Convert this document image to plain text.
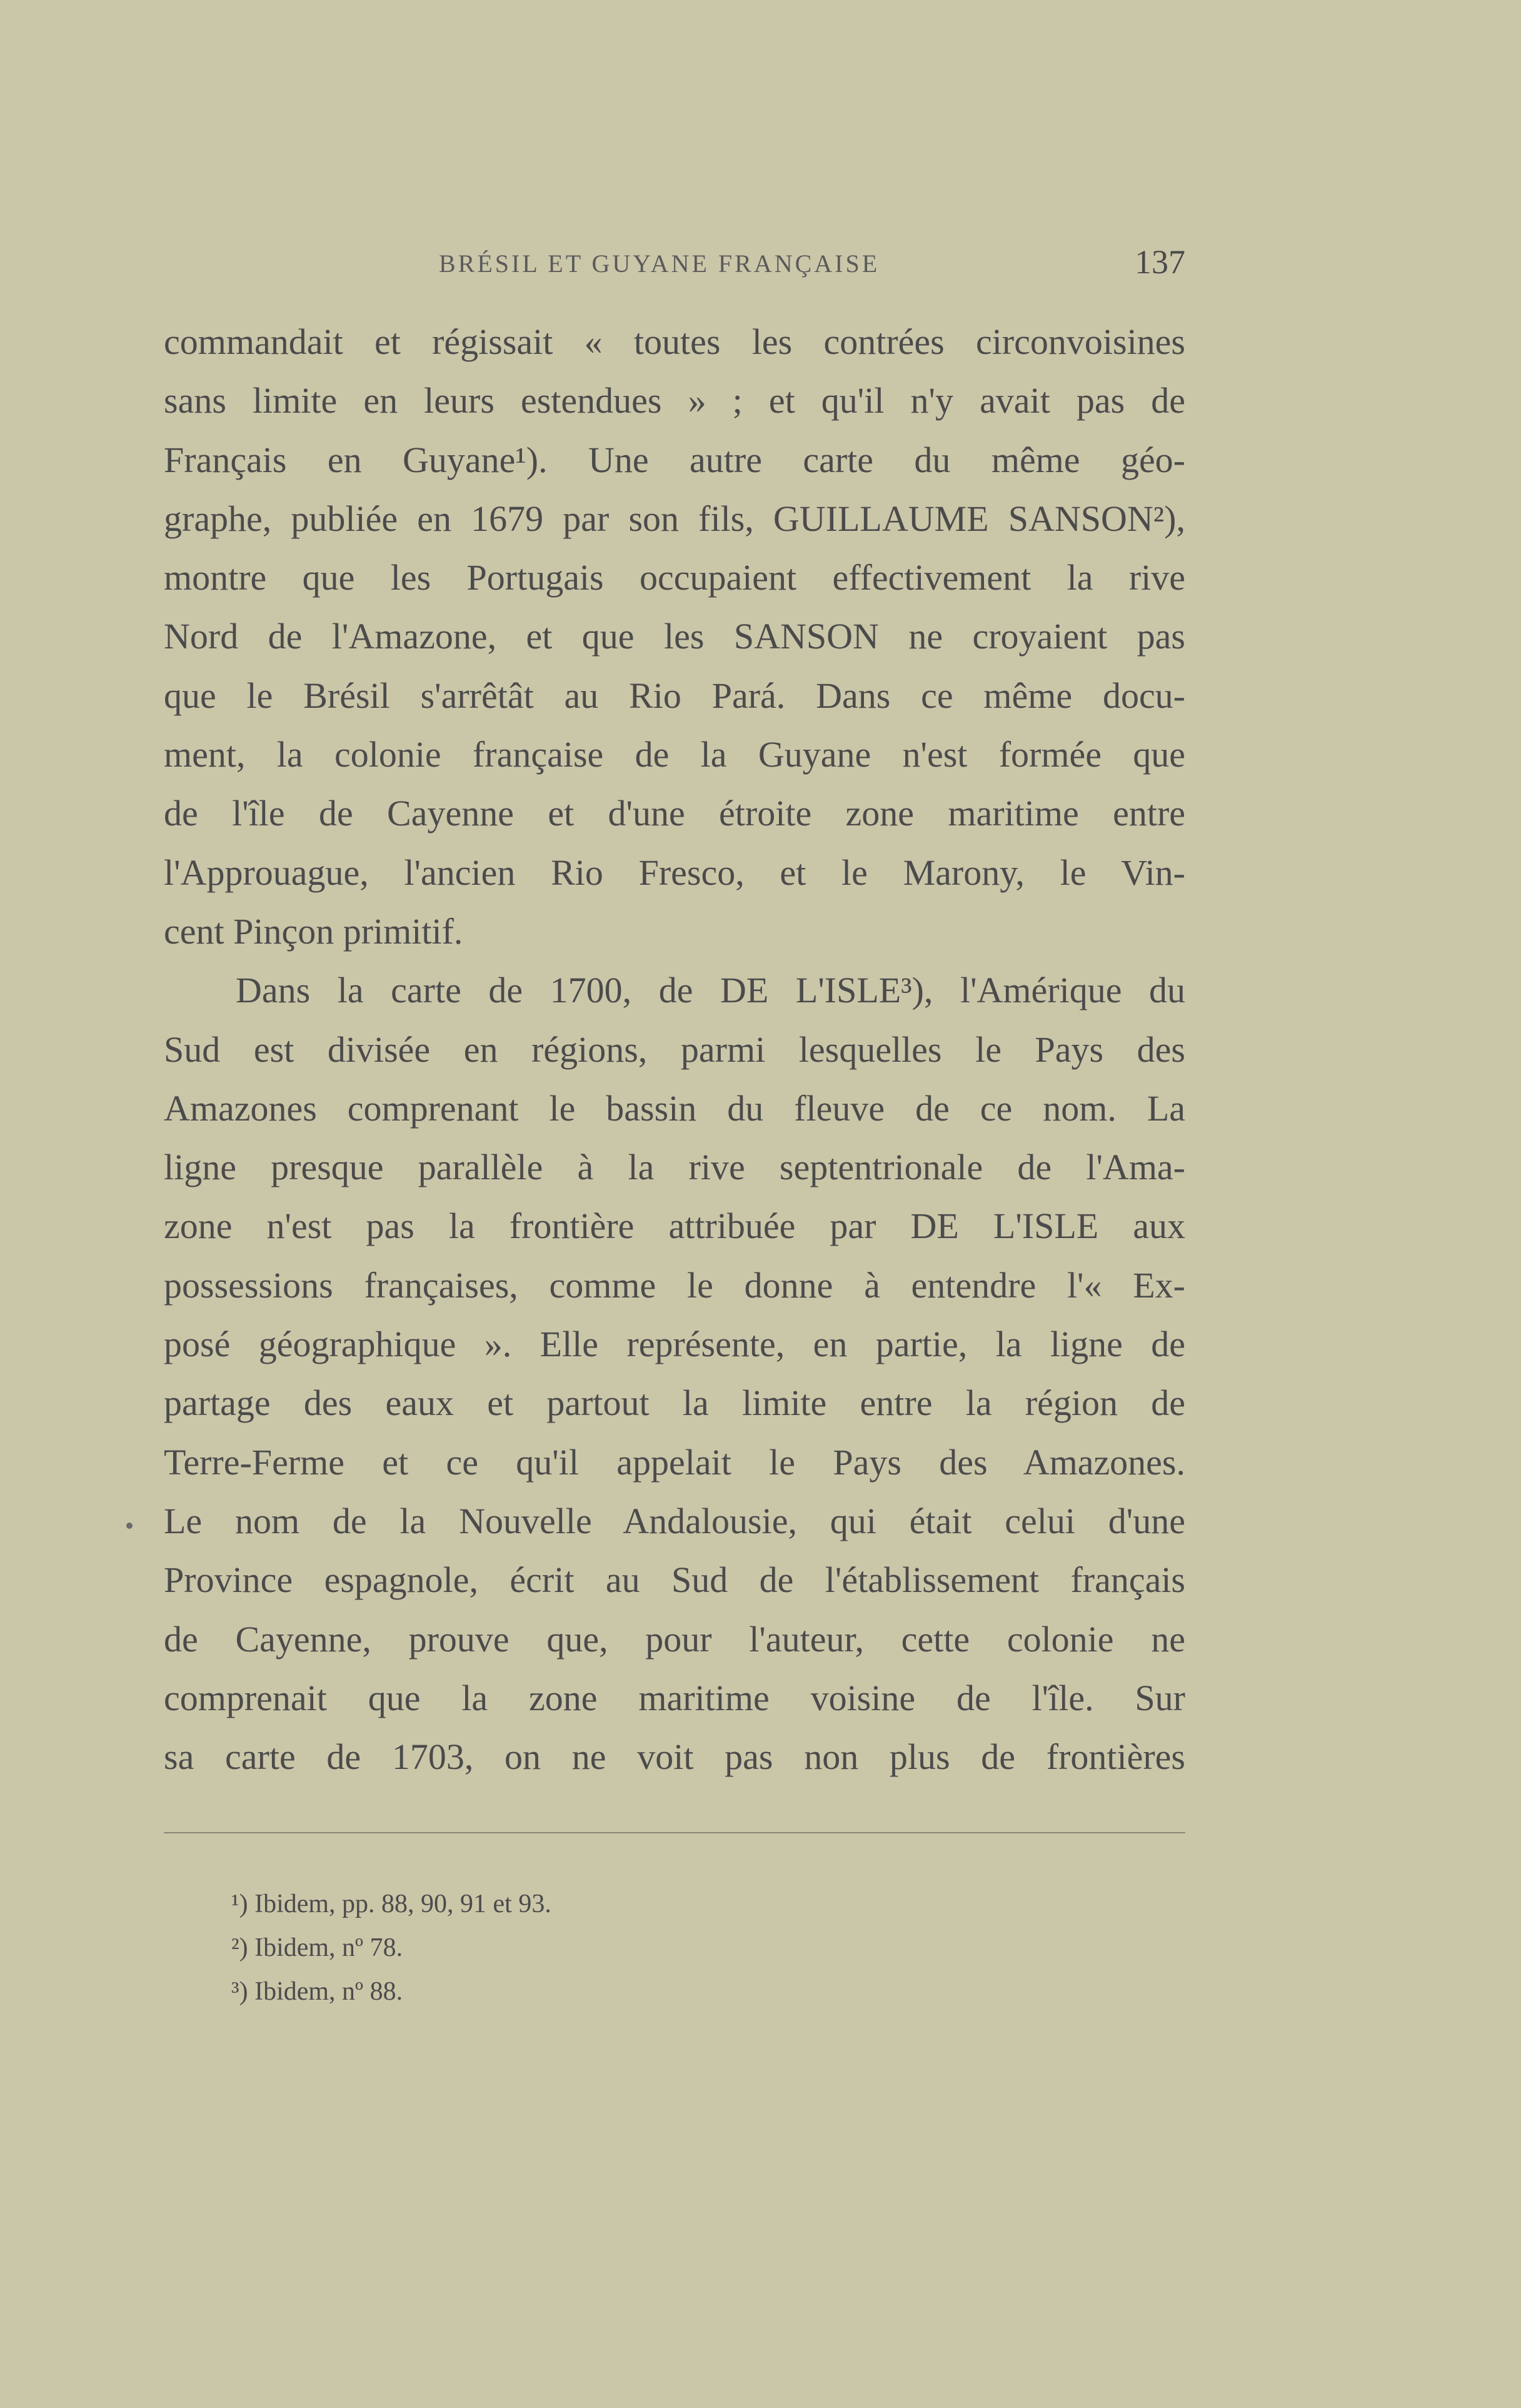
BRÉSIL ET GUYANE FRANÇAISE	137
commandait et régissait « toutes les contrées circonvoisines
sans limite en leurs estendues » ; et qu'il n'y avait pas de
Français en Guyane¹). Une autre carte du même géo-
graphe, publiée en 1679 par son fils, GUILLAUME SANSON²),
montre que les Portugais occupaient effectivement la rive
Nord de l'Amazone, et que les SANSON ne croyaient pas
que le Brésil s'arrêtât au Rio Pará. Dans ce même docu-
ment, la colonie française de la Guyane n'est formée que
de l'île de Cayenne et d'une étroite zone maritime entre
l'Approuague, l'ancien Rio Fresco, et le Marony, le Vin-
cent Pinçon primitif.
Dans la carte de 1700, de DE L'ISLE³), l'Amérique du
Sud est divisée en régions, parmi lesquelles le Pays des
Amazones comprenant le bassin du fleuve de ce nom. La
ligne presque parallèle à la rive septentrionale de l'Ama-
zone n'est pas la frontière attribuée par DE L'ISLE aux
possessions françaises, comme le donne à entendre l'« Ex-
posé géographique ». Elle représente, en partie, la ligne de
partage des eaux et partout la limite entre la région de
Terre-Ferme et ce qu'il appelait le Pays des Amazones.
Le nom de la Nouvelle Andalousie, qui était celui d'une
Province espagnole, écrit au Sud de l'établissement français
de Cayenne, prouve que, pour l'auteur, cette colonie ne
comprenait que la zone maritime voisine de l'île. Sur
sa carte de 1703, on ne voit pas non plus de frontières
¹) Ibidem, pp. 88, 90, 91 et 93.
²) Ibidem, nº 78.
³) Ibidem, nº 88.
